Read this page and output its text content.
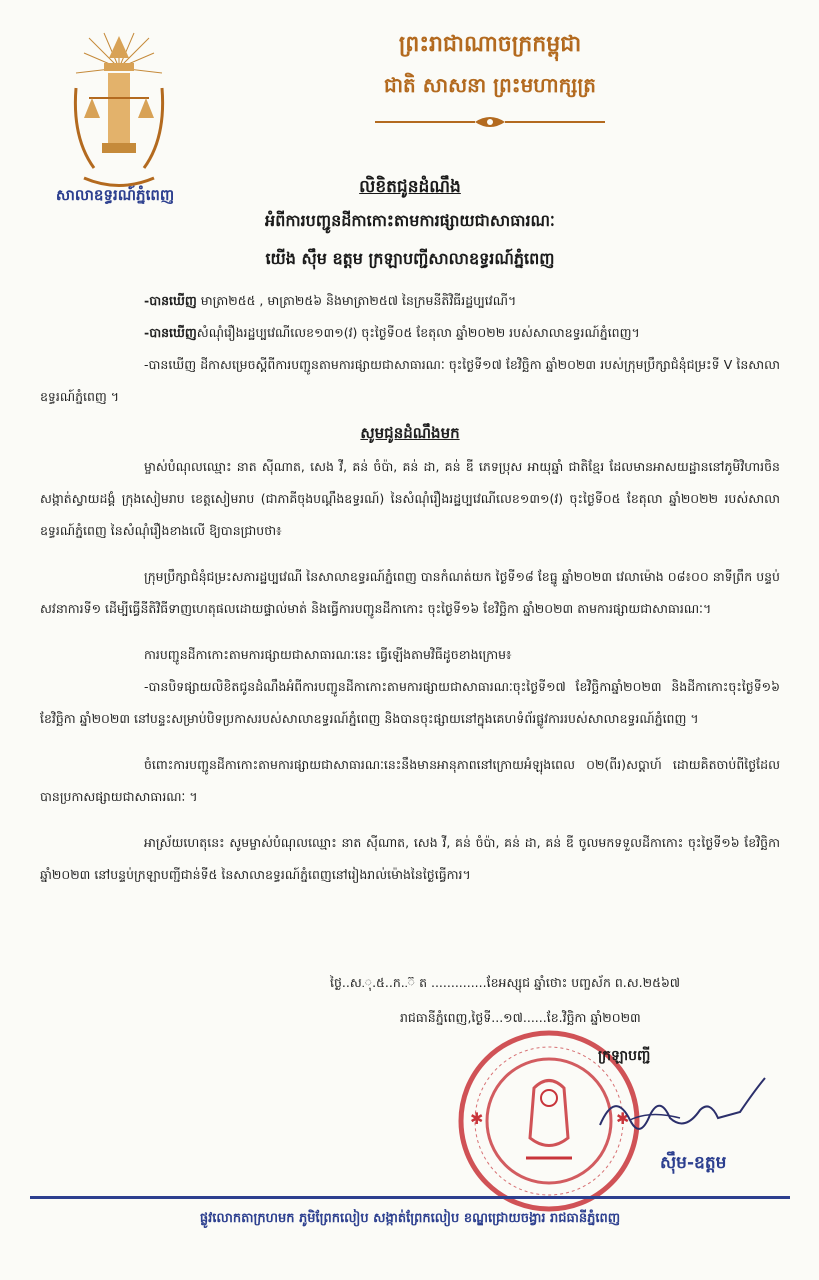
សាលាឧទ្ធរណ៍ភ្នំពេញ
ព្រះរាជាណាចក្រកម្ពុជា
ជាតិ សាសនា ព្រះមហាក្សត្រ
លិខិតជូនដំណឹង
អំពីការបញ្ជូនដីកាកោះតាមការផ្សាយជាសាធារណៈ
យើង ស៊ឹម ឧត្តម ក្រឡាបញ្ជីសាលាឧទ្ធរណ៍ភ្នំពេញ

-បានឃើញ មាត្រា២៥៥ , មាត្រា២៥៦ និងមាត្រា២៥៧ នៃក្រមនីតិវិធីរដ្ឋប្បវេណី។

-បានឃើញសំណុំរឿងរដ្ឋប្បវេណីលេខ១៣១(វ) ចុះថ្ងៃទី០៥ ខែតុលា ឆ្នាំ២០២២ របស់សាលាឧទ្ធរណ៍ភ្នំពេញ។

-បានឃើញ ដីកាសម្រេចស្តីពីការបញ្ជូនតាមការផ្សាយជាសាធារណៈ ចុះថ្ងៃទី១៧ ខែវិច្ឆិកា ឆ្នាំ២០២៣ របស់ក្រុមប្រឹក្សាជំនុំជម្រះទី V នៃសាលាឧទ្ធរណ៍ភ្នំពេញ ។

សូមជូនដំណឹងមក

ម្ចាស់បំណុលឈ្មោះ នាត ស៊ីណាត, សេង វី, គន់ ចំប៉ា, គន់ ដា, គន់ ឌី ភេទប្រុស អាយុឆ្នាំ ជាតិខ្មែរ ដែលមានអាសយដ្ឋាននៅភូមិវិហារចិន សង្កាត់ស្វាយដង្គំ ក្រុងសៀមរាប ខេត្តសៀមរាប (ជាភាគីចុងបណ្តឹងឧទ្ធរណ៍) នៃសំណុំរឿងរដ្ឋប្បវេណីលេខ១៣១(វ) ចុះថ្ងៃទី០៥ ខែតុលា ឆ្នាំ២០២២ របស់សាលាឧទ្ធរណ៍ភ្នំពេញ នៃសំណុំរឿងខាងលើ ឱ្យបានជ្រាបថា៖

ក្រុមប្រឹក្សាជំនុំជម្រះសភារដ្ឋប្បវេណី នៃសាលាឧទ្ធរណ៍ភ្នំពេញ បានកំណត់យក ថ្ងៃទី១៨ ខែធ្នូ ឆ្នាំ២០២៣ វេលាម៉ោង ០៨៖០០ នាទីព្រឹក បន្ទប់សវនាការទី១ ដើម្បីធ្វើនីតិវិធីទាញហេតុផលដោយផ្ទាល់មាត់ និងធ្វើការបញ្ជូនដីកាកោះ ចុះថ្ងៃទី១៦ ខែវិច្ឆិកា ឆ្នាំ២០២៣ តាមការផ្សាយជាសាធារណៈ។

ការបញ្ជូនដីកាកោះតាមការផ្សាយជាសាធារណៈនេះ ធ្វើឡើងតាមវិធីដូចខាងក្រោម៖

-បានបិទផ្សាយលិខិតជូនដំណឹងអំពីការបញ្ជូនដីកាកោះតាមការផ្សាយជាសាធារណៈចុះថ្ងៃទី១៧ ខែវិច្ឆិកាឆ្នាំ២០២៣ និងដីកាកោះចុះថ្ងៃទី១៦ ខែវិច្ឆិកា ឆ្នាំ២០២៣ នៅបន្ទះសម្រាប់បិទប្រកាសរបស់សាលាឧទ្ធរណ៍ភ្នំពេញ និងបានចុះផ្សាយនៅក្នុងគេហទំព័រផ្លូវការរបស់សាលាឧទ្ធរណ៍ភ្នំពេញ ។

ចំពោះការបញ្ជូនដីកាកោះតាមការផ្សាយជាសាធារណៈនេះនឹងមានអានុភាពនៅក្រោយអំឡុងពេល ០២(ពីរ)សប្តាហ៍ ដោយគិតចាប់ពីថ្ងៃដែលបានប្រកាសផ្សាយជាសាធារណៈ ។

អាស្រ័យហេតុនេះ សូមម្ចាស់បំណុលឈ្មោះ នាត ស៊ីណាត, សេង វី, គន់ ចំប៉ា, គន់ ដា, គន់ ឌី ចូលមកទទួលដីកាកោះ ចុះថ្ងៃទី១៦ ខែវិច្ឆិកា ឆ្នាំ២០២៣ នៅបន្ទប់ក្រឡាបញ្ជីជាន់ទី៥ នៃសាលាឧទ្ធរណ៍ភ្នំពេញនៅរៀងរាល់ម៉ោងនៃថ្ងៃធ្វើការ។

ថ្ងៃ..ស.ុ.៥..ក..៊ ត ..............ខែអស្សុជ ឆ្នាំថោះ បញ្ចស័ក ព.ស.២៥៦៧
រាជធានីភ្នំពេញ,ថ្ងៃទី...១៧......ខែ.វិច្ឆិកា ឆ្នាំ២០២៣
✱	✱
ក្រឡាបញ្ជី
ស៊ឹម-ឧត្តម
ផ្លូវលោកតាក្រហមក ភូមិព្រែកលៀប សង្កាត់ព្រែកលៀប ខណ្ឌជ្រោយចង្វារ រាជធានីភ្នំពេញ
